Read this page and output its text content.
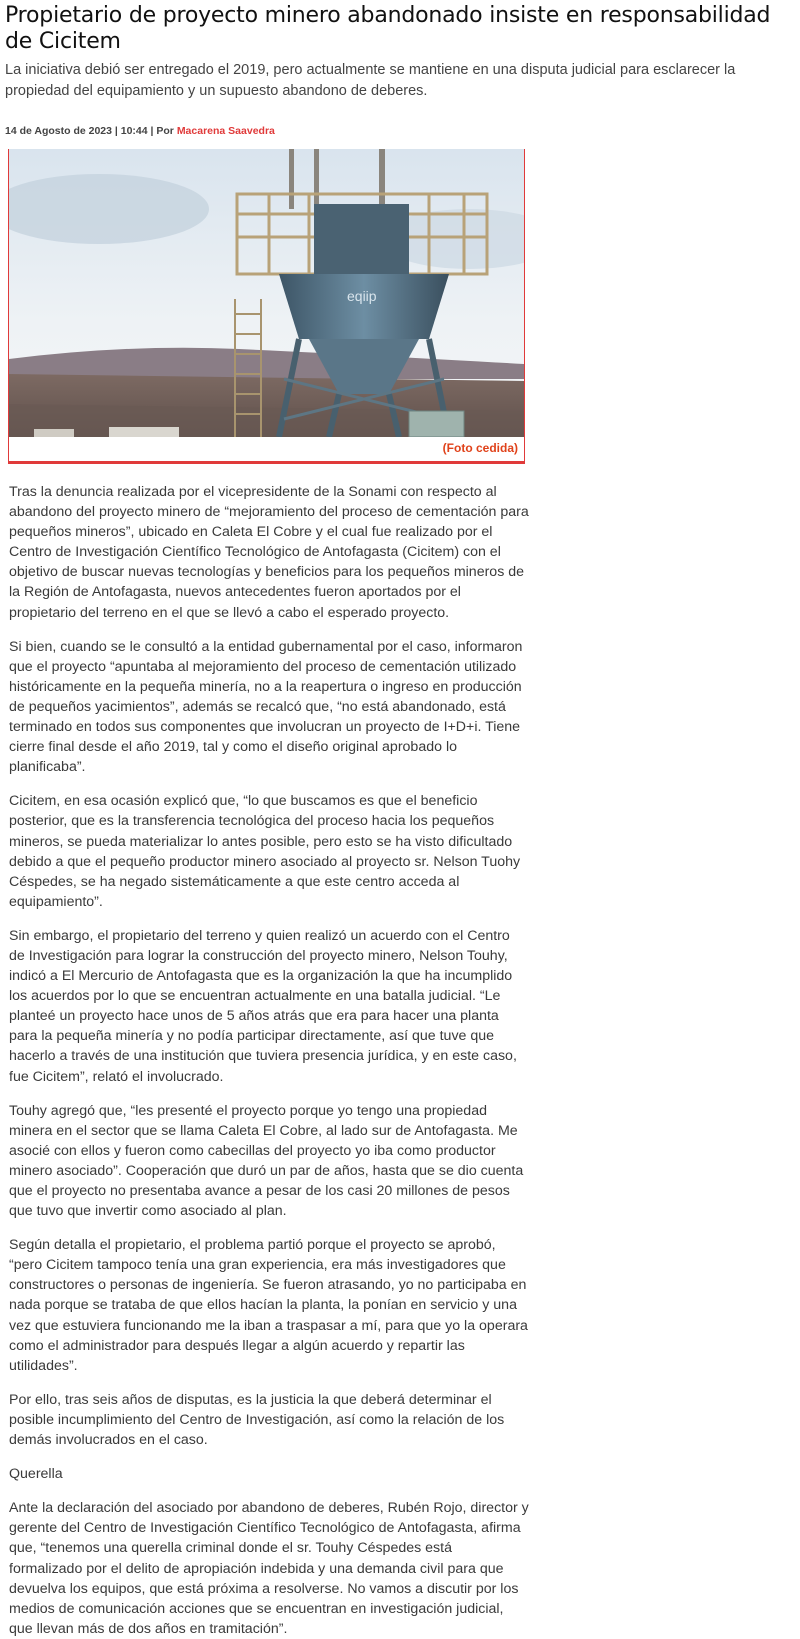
Propietario de proyecto minero abandonado insiste en responsabilidad de Cicitem
La iniciativa debió ser entregado el 2019, pero actualmente se mantiene en una disputa judicial para esclarecer la propiedad del equipamiento y un supuesto abandono de deberes.
14 de Agosto de 2023 | 10:44 | Por Macarena Saavedra
eqiip
(Foto cedida)

Tras la denuncia realizada por el vicepresidente de la Sonami con respecto al abandono del proyecto minero de “mejoramiento del proceso de cementación para pequeños mineros”, ubicado en Caleta El Cobre y el cual fue realizado por el Centro de Investigación Científico Tecnológico de Antofagasta (Cicitem) con el objetivo de buscar nuevas tecnologías y beneficios para los pequeños mineros de la Región de Antofagasta, nuevos antecedentes fueron aportados por el propietario del terreno en el que se llevó a cabo el esperado proyecto.

Si bien, cuando se le consultó a la entidad gubernamental por el caso, informaron que el proyecto “apuntaba al mejoramiento del proceso de cementación utilizado históricamente en la pequeña minería, no a la reapertura o ingreso en producción de pequeños yacimientos”, además se recalcó que, “no está abandonado, está terminado en todos sus componentes que involucran un proyecto de I+D+i. Tiene cierre final desde el año 2019, tal y como el diseño original aprobado lo planificaba”.

Cicitem, en esa ocasión explicó que, “lo que buscamos es que el beneficio posterior, que es la transferencia tecnológica del proceso hacia los pequeños mineros, se pueda materializar lo antes posible, pero esto se ha visto dificultado debido a que el pequeño productor minero asociado al proyecto sr. Nelson Tuohy Céspedes, se ha negado sistemáticamente a que este centro acceda al equipamiento”.

Sin embargo, el propietario del terreno y quien realizó un acuerdo con el Centro de Investigación para lograr la construcción del proyecto minero, Nelson Touhy, indicó a El Mercurio de Antofagasta que es la organización la que ha incumplido los acuerdos por lo que se encuentran actualmente en una batalla judicial. “Le planteé un proyecto hace unos de 5 años atrás que era para hacer una planta para la pequeña minería y no podía participar directamente, así que tuve que hacerlo a través de una institución que tuviera presencia jurídica, y en este caso, fue Cicitem”, relató el involucrado.

Touhy agregó que, “les presenté el proyecto porque yo tengo una propiedad minera en el sector que se llama Caleta El Cobre, al lado sur de Antofagasta. Me asocié con ellos y fueron como cabecillas del proyecto yo iba como productor minero asociado”. Cooperación que duró un par de años, hasta que se dio cuenta que el proyecto no presentaba avance a pesar de los casi 20 millones de pesos que tuvo que invertir como asociado al plan.

Según detalla el propietario, el problema partió porque el proyecto se aprobó, “pero Cicitem tampoco tenía una gran experiencia, era más investigadores que constructores o personas de ingeniería. Se fueron atrasando, yo no participaba en nada porque se trataba de que ellos hacían la planta, la ponían en servicio y una vez que estuviera funcionando me la iban a traspasar a mí, para que yo la operara como el administrador para después llegar a algún acuerdo y repartir las utilidades”.

Por ello, tras seis años de disputas, es la justicia la que deberá determinar el posible incumplimiento del Centro de Investigación, así como la relación de los demás involucrados en el caso.

Querella

Ante la declaración del asociado por abandono de deberes, Rubén Rojo, director y gerente del Centro de Investigación Científico Tecnológico de Antofagasta, afirma que, “tenemos una querella criminal donde el sr. Touhy Céspedes está formalizado por el delito de apropiación indebida y una demanda civil para que devuelva los equipos, que está próxima a resolverse. No vamos a discutir por los medios de comunicación acciones que se encuentran en investigación judicial, que llevan más de dos años en tramitación”.
